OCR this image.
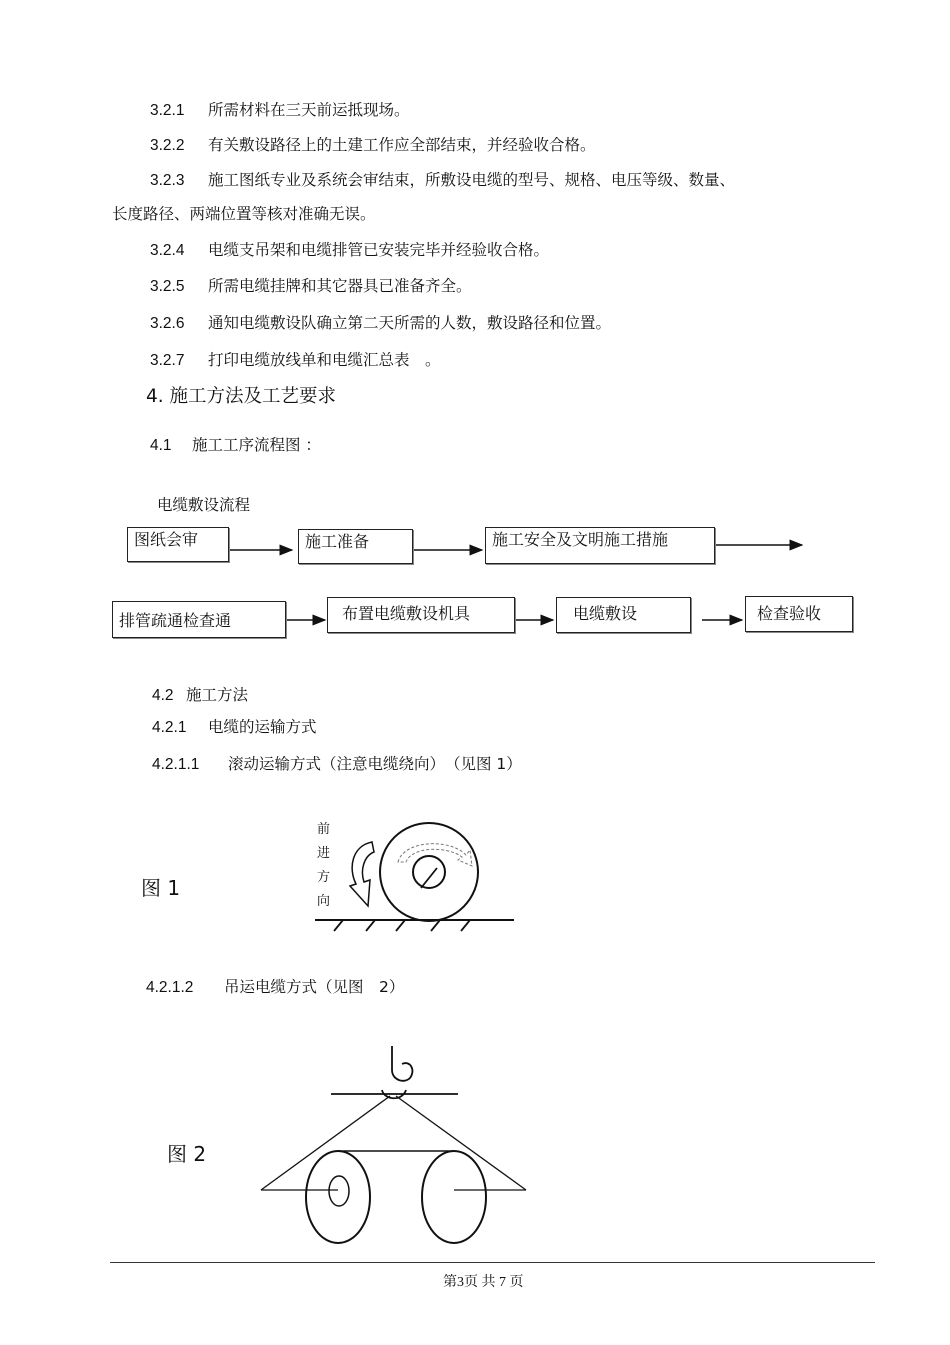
3.2.1 所需材料在三天前运抵现场。
3.2.2 有关敷设路径上的土建工作应全部结束，并经验收合格。
3.2.3 施工图纸专业及系统会审结束，所敷设电缆的型号、规格、电压等级、数量、
长度路径、两端位置等核对准确无误。
3.2.4 电缆支吊架和电缆排管已安装完毕并经验收合格。
3.2.5 所需电缆挂牌和其它器具已准备齐全。
3.2.6 通知电缆敷设队确立第二天所需的人数，敷设路径和位置。
3.2.7 打印电缆放线单和电缆汇总表　。
4. 施工方法及工艺要求
4.1 施工工序流程图 ：
电缆敷设流程
图纸会审	施工准备	施工安全及文明施工措施
排管疏通检查通	布置电缆敷设机具	电缆敷设	检查验收
4.2 施工方法
4.2.1 电缆的运输方式
4.2.1.1 滚动运输方式（注意电缆绕向）　（见图 1）
图 1
前
进
方
向
4.2.1.2 吊运电缆方式（见图　2）
图 2
第3页 共 7 页
